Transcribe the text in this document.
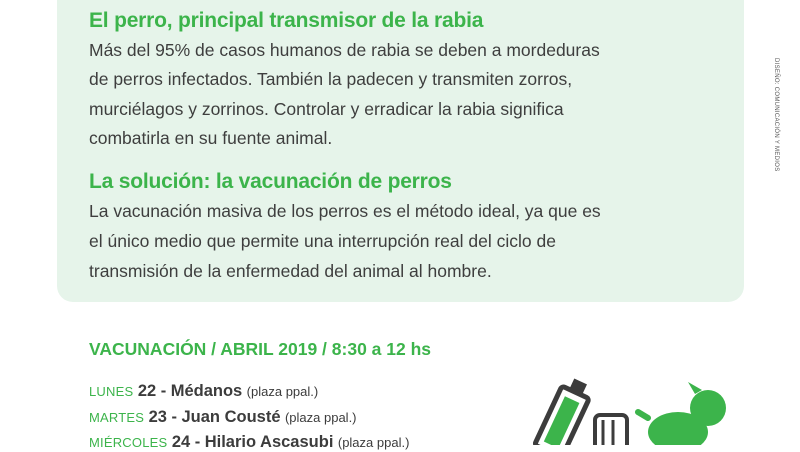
El perro, principal transmisor de la rabia
Más del 95% de casos humanos de rabia se deben a mordeduras
de perros infectados. También la padecen y transmiten zorros,
murciélagos y zorrinos. Controlar y erradicar la rabia significa
combatirla en su fuente animal.
La solución: la vacunación de perros
La vacunación masiva de los perros es el método ideal, ya que es
el único medio que permite una interrupción real del ciclo de
transmisión de la enfermedad del animal al hombre.
DISEÑO: COMUNICACIÓN Y MEDIOS
VACUNACIÓN / ABRIL 2019 / 8:30 a 12 hs
LUNES 22 - Médanos (plaza ppal.)
MARTES 23 - Juan Cousté (plaza ppal.)
MIÉRCOLES 24 - Hilario Ascasubi (plaza ppal.)
